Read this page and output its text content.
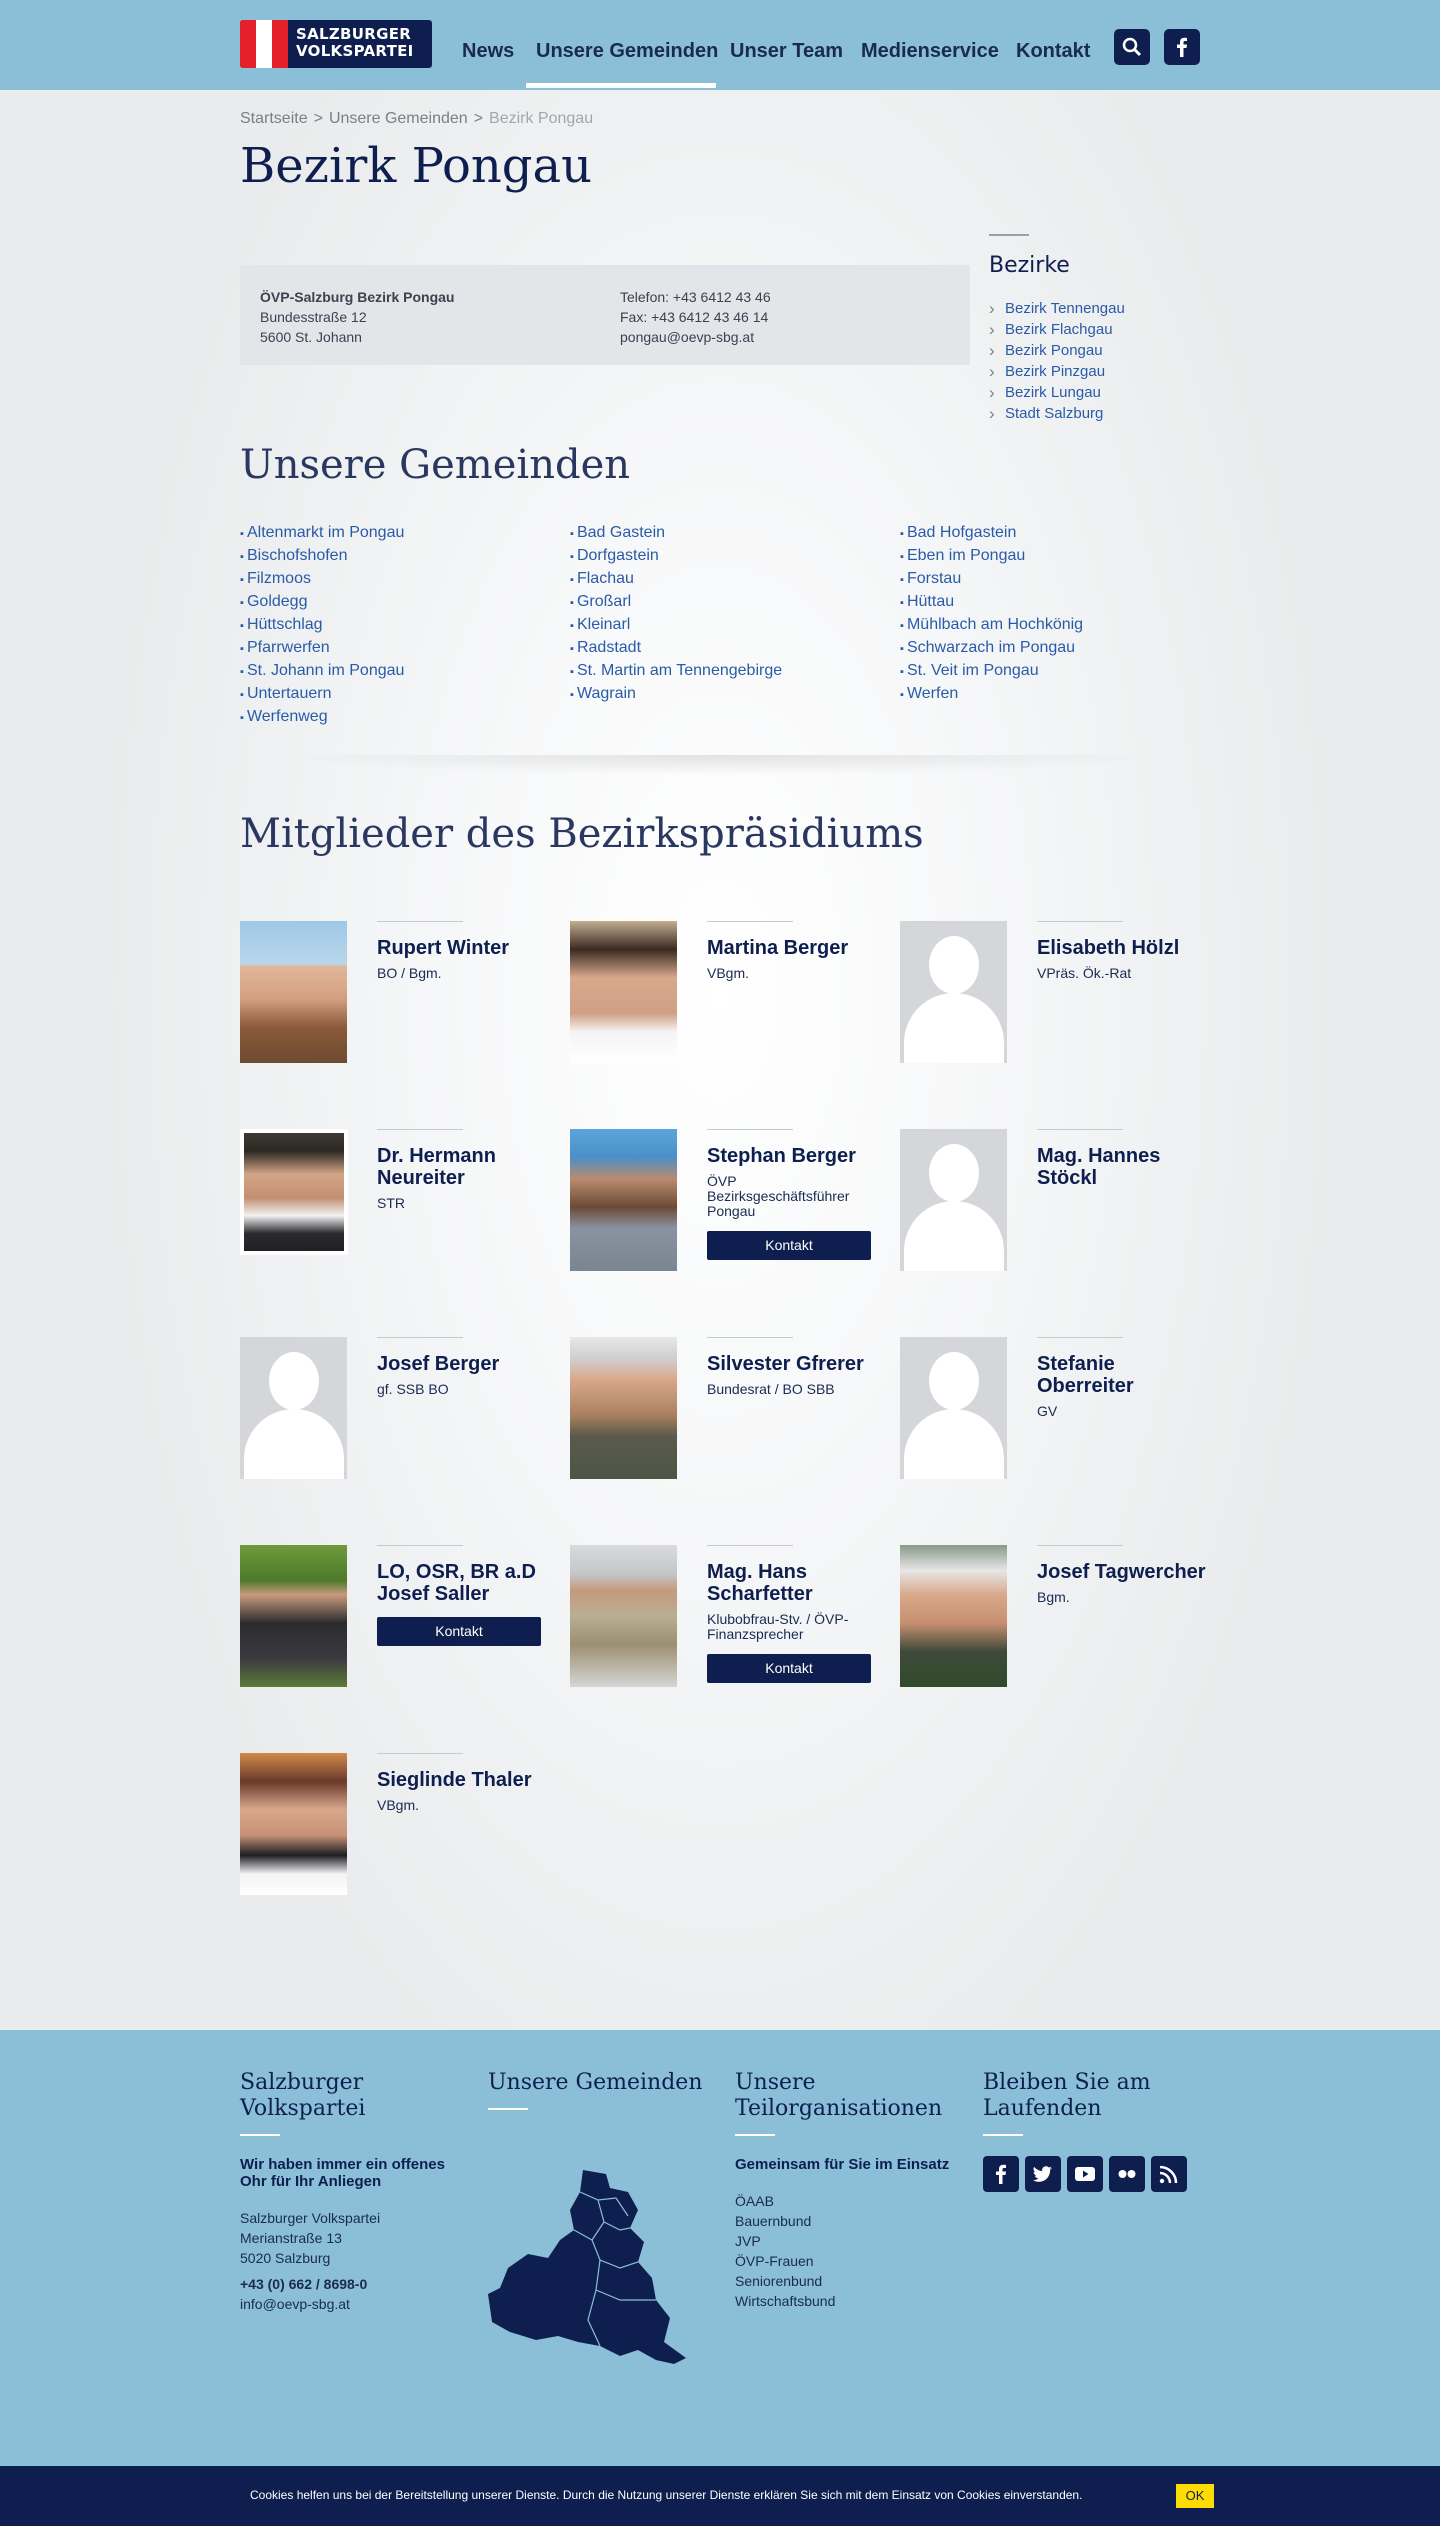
SALZBURGER
VOLKSPARTEI News Unsere Gemeinden Unser Team Medienservice Kontakt
Startseite > Unsere Gemeinden > Bezirk Pongau
Bezirk Pongau
ÖVP-Salzburg Bezirk Pongau
Bundesstraße 12
5600 St. Johann
Telefon: +43 6412 43 46
Fax: +43 6412 43 46 14
pongau@oevp-sbg.at
Bezirke
› Bezirk Tennengau
› Bezirk Flachgau
› Bezirk Pongau
› Bezirk Pinzgau
› Bezirk Lungau
› Stadt Salzburg
Unsere Gemeinden
▪ Altenmarkt im Pongau
▪ Bischofshofen
▪ Filzmoos
▪ Goldegg
▪ Hüttschlag
▪ Pfarrwerfen
▪ St. Johann im Pongau
▪ Untertauern
▪ Werfenweg
▪ Bad Gastein
▪ Dorfgastein
▪ Flachau
▪ Großarl
▪ Kleinarl
▪ Radstadt
▪ St. Martin am Tennengebirge
▪ Wagrain
▪ Bad Hofgastein
▪ Eben im Pongau
▪ Forstau
▪ Hüttau
▪ Mühlbach am Hochkönig
▪ Schwarzach im Pongau
▪ St. Veit im Pongau
▪ Werfen
Mitglieder des Bezirkspräsidiums
Rupert Winter
BO / Bgm.
Martina Berger
VBgm.
Elisabeth Hölzl
VPräs. Ök.-Rat
Dr. Hermann Neureiter
STR
Stephan Berger
ÖVP Bezirksgeschäftsführer Pongau
Kontakt
Mag. Hannes Stöckl
Josef Berger
gf. SSB BO
Silvester Gfrerer
Bundesrat / BO SBB
Stefanie Oberreiter
GV
LO, OSR, BR a.D Josef Saller
Kontakt
Mag. Hans Scharfetter
Klubobfrau-Stv. / ÖVP-Finanzsprecher
Kontakt
Josef Tagwercher
Bgm.
Sieglinde Thaler
VBgm.
Salzburger Volkspartei
Wir haben immer ein offenes Ohr für Ihr Anliegen
Salzburger Volkspartei
Merianstraße 13
5020 Salzburg
+43 (0) 662 / 8698-0
info@oevp-sbg.at
Unsere Gemeinden Unsere Teilorganisationen
Gemeinsam für Sie im Einsatz
ÖAAB
Bauernbund
JVP
ÖVP-Frauen
Seniorenbund
Wirtschaftsbund
Bleiben Sie am Laufenden
Cookies helfen uns bei der Bereitstellung unserer Dienste. Durch die Nutzung unserer Dienste erklären Sie sich mit dem Einsatz von Cookies einverstanden.	OK
